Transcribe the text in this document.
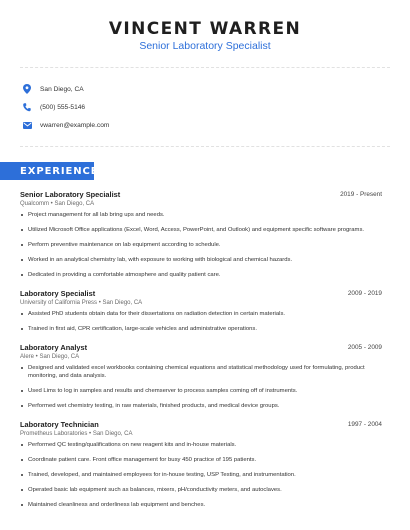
VINCENT WARREN
Senior Laboratory Specialist
San Diego, CA
(500) 555-5146
vwarren@example.com
EXPERIENCE
Senior Laboratory Specialist	2019 - Present
Qualcomm • San Diego, CA
Project management for all lab bring ups and needs.
Utilized Microsoft Office applications (Excel, Word, Access, PowerPoint, and Outlook) and equipment specific software programs.
Perform preventive maintenance on lab equipment according to schedule.
Worked in an analytical chemistry lab, with exposure to working with biological and chemical hazards.
Dedicated in providing a comfortable atmosphere and quality patient care.
Laboratory Specialist	2009 - 2019
University of California Press • San Diego, CA
Assisted PhD students obtain data for their dissertations on radiation detection in certain materials.
Trained in first aid, CPR certification, large-scale vehicles and administrative operations.
Laboratory Analyst	2005 - 2009
Alere • San Diego, CA
Designed and validated excel workbooks containing chemical equations and statistical methodology used for formulating, product monitoring, and data analysis.
Used Lims to log in samples and results and chemserver to process samples coming off of instruments.
Performed wet chemistry testing, in raw materials, finished products, and medical device groups.
Laboratory Technician	1997 - 2004
Prometheus Laboratories • San Diego, CA
Performed QC testing/qualifications on new reagent kits and in-house materials.
Coordinate patient care. Front office management for busy 450 practice of 195 patients.
Trained, developed, and maintained employees for in-house testing, USP Testing, and instrumentation.
Operated basic lab equipment such as balances, mixers, pH/conductivity meters, and autoclaves.
Maintained cleanliness and orderliness lab equipment and benches.
